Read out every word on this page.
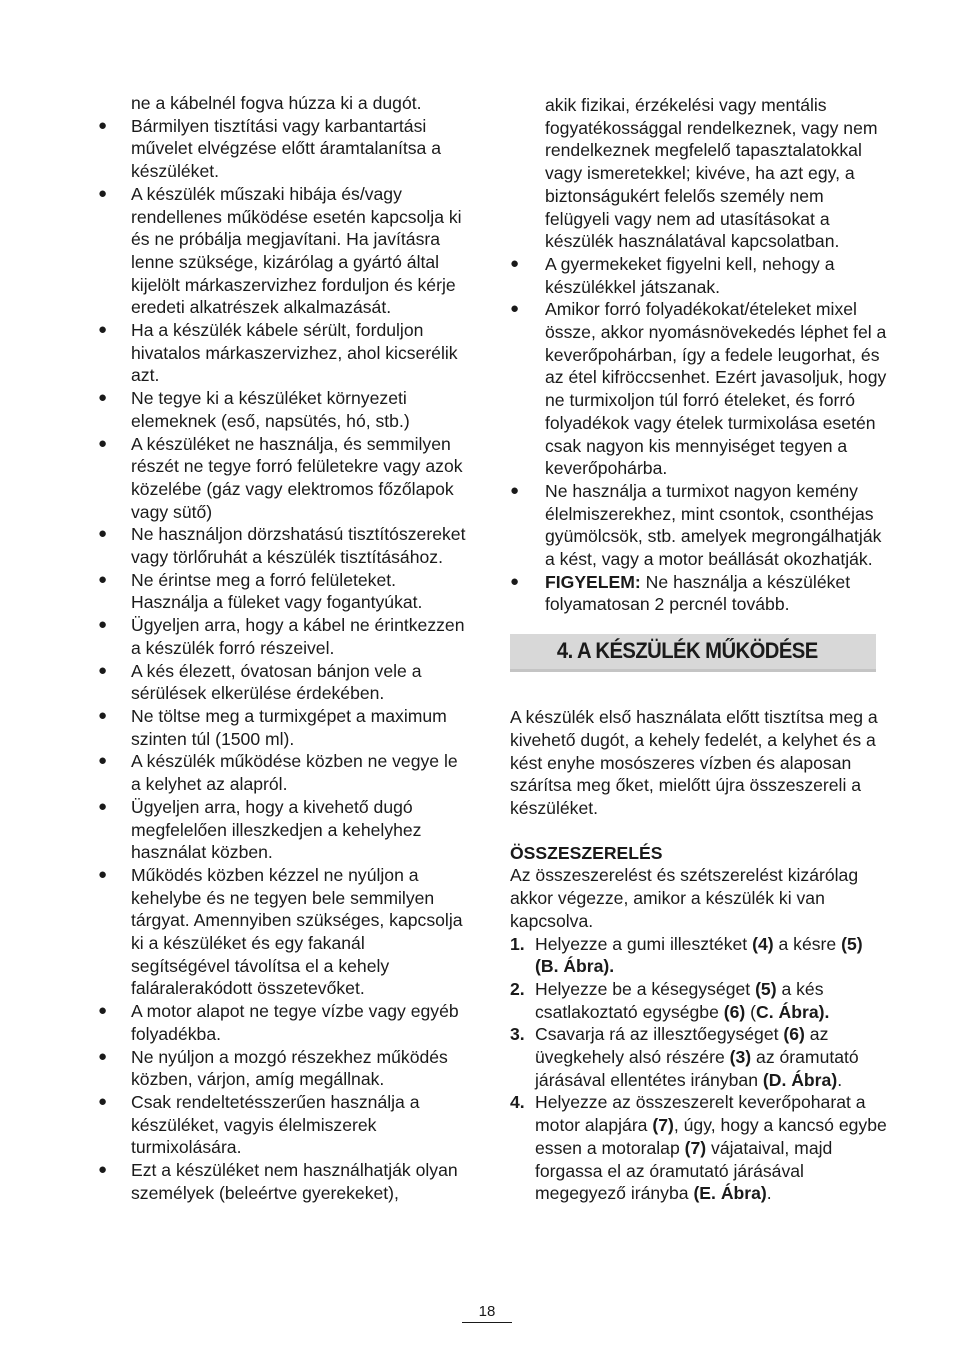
ne a kábelnél fogva húzza ki a dugót.

● Bármilyen tisztítási vagy karbantartási művelet elvégzése előtt áramtalanítsa a készüléket.
● A készülék műszaki hibája és/vagy rendellenes működése esetén kapcsolja ki és ne próbálja megjavítani. Ha javításra lenne szüksége, kizárólag a gyártó által kijelölt márkaszervizhez forduljon és kérje eredeti alkatrészek alkalmazását.
● Ha a készülék kábele sérült, forduljon hivatalos márkaszervizhez, ahol kicserélik azt.
● Ne tegye ki a készüléket környezeti elemeknek (eső, napsütés, hó, stb.)
● A készüléket ne használja, és semmilyen részét ne tegye forró felületekre vagy azok közelébe (gáz vagy elektromos főzőlapok vagy sütő)
● Ne használjon dörzshatású tisztítószereket vagy törlőruhát a készülék tisztításához.
● Ne érintse meg a forró felületeket. Használja a füleket vagy fogantyúkat.
● Ügyeljen arra, hogy a kábel ne érintkezzen a készülék forró részeivel.
● A kés élezett, óvatosan bánjon vele a sérülések elkerülése érdekében.
● Ne töltse meg a turmixgépet a maximum szinten túl (1500 ml).
● A készülék működése közben ne vegye le a kelyhet az alapról.
● Ügyeljen arra, hogy a kivehető dugó megfelelően illeszkedjen a kehelyhez használat közben.
● Működés közben kézzel ne nyúljon a kehelybe és ne tegyen bele semmilyen tárgyat. Amennyiben szükséges, kapcsolja ki a készüléket és egy fakanál segítségével távolítsa el a kehely faláralerakódott összetevőket.
● A motor alapot ne tegye vízbe vagy egyéb folyadékba.
● Ne nyúljon a mozgó részekhez működés közben, várjon, amíg megállnak.
● Csak rendeltetésszerűen használja a készüléket, vagyis élelmiszerek turmixolására.
● Ezt a készüléket nem használhatják olyan személyek (beleértve gyerekeket),

akik fizikai, érzékelési vagy mentális fogyatékossággal rendelkeznek, vagy nem rendelkeznek megfelelő tapasztalatokkal vagy ismeretekkel; kivéve, ha azt egy, a biztonságukért felelős személy nem felügyeli vagy nem ad utasításokat a készülék használatával kapcsolatban.

● A gyermekeket figyelni kell, nehogy a készülékkel játszanak.
● Amikor forró folyadékokat/ételeket mixel össze, akkor nyomásnövekedés léphet fel a keverőpohárban, így a fedele leugorhat, és az étel kifröccsenhet. Ezért javasoljuk, hogy ne turmixoljon túl forró ételeket, és forró folyadékok vagy ételek turmixolása esetén csak nagyon kis mennyiséget tegyen a keverőpohárba.
● Ne használja a turmixot nagyon kemény élelmiszerekhez, mint csontok, csonthéjas gyümölcsök, stb. amelyek megrongálhatják a kést, vagy a motor beállását okozhatják.
● FIGYELEM: Ne használja a készüléket folyamatosan 2 percnél tovább.
4. A KÉSZÜLÉK MŰKÖDÉSE

A készülék első használata előtt tisztítsa meg a kivehető dugót, a kehely fedelét, a kelyhet és a kést enyhe mosószeres vízben és alaposan szárítsa meg őket, mielőtt újra összeszereli a készüléket.

ÖSSZESZERELÉS

Az összeszerelést és szétszerelést kizárólag akkor végezze, amikor a készülék ki van kapcsolva.

1. Helyezze a gumi illesztéket (4) a késre (5) (B. Ábra).
2. Helyezze be a késegységet (5) a kés csatlakoztató egységbe (6) (C. Ábra).
3. Csavarja rá az illesztőegységet (6) az üvegkehely alsó részére (3) az óramutató járásával ellentétes irányban (D. Ábra).
4. Helyezze az összeszerelt keverőpoharat a motor alapjára (7), úgy, hogy a kancsó egybe essen a motoralap (7) vájataival, majd forgassa el az óramutató járásával megegyező irányba (E. Ábra).
18
